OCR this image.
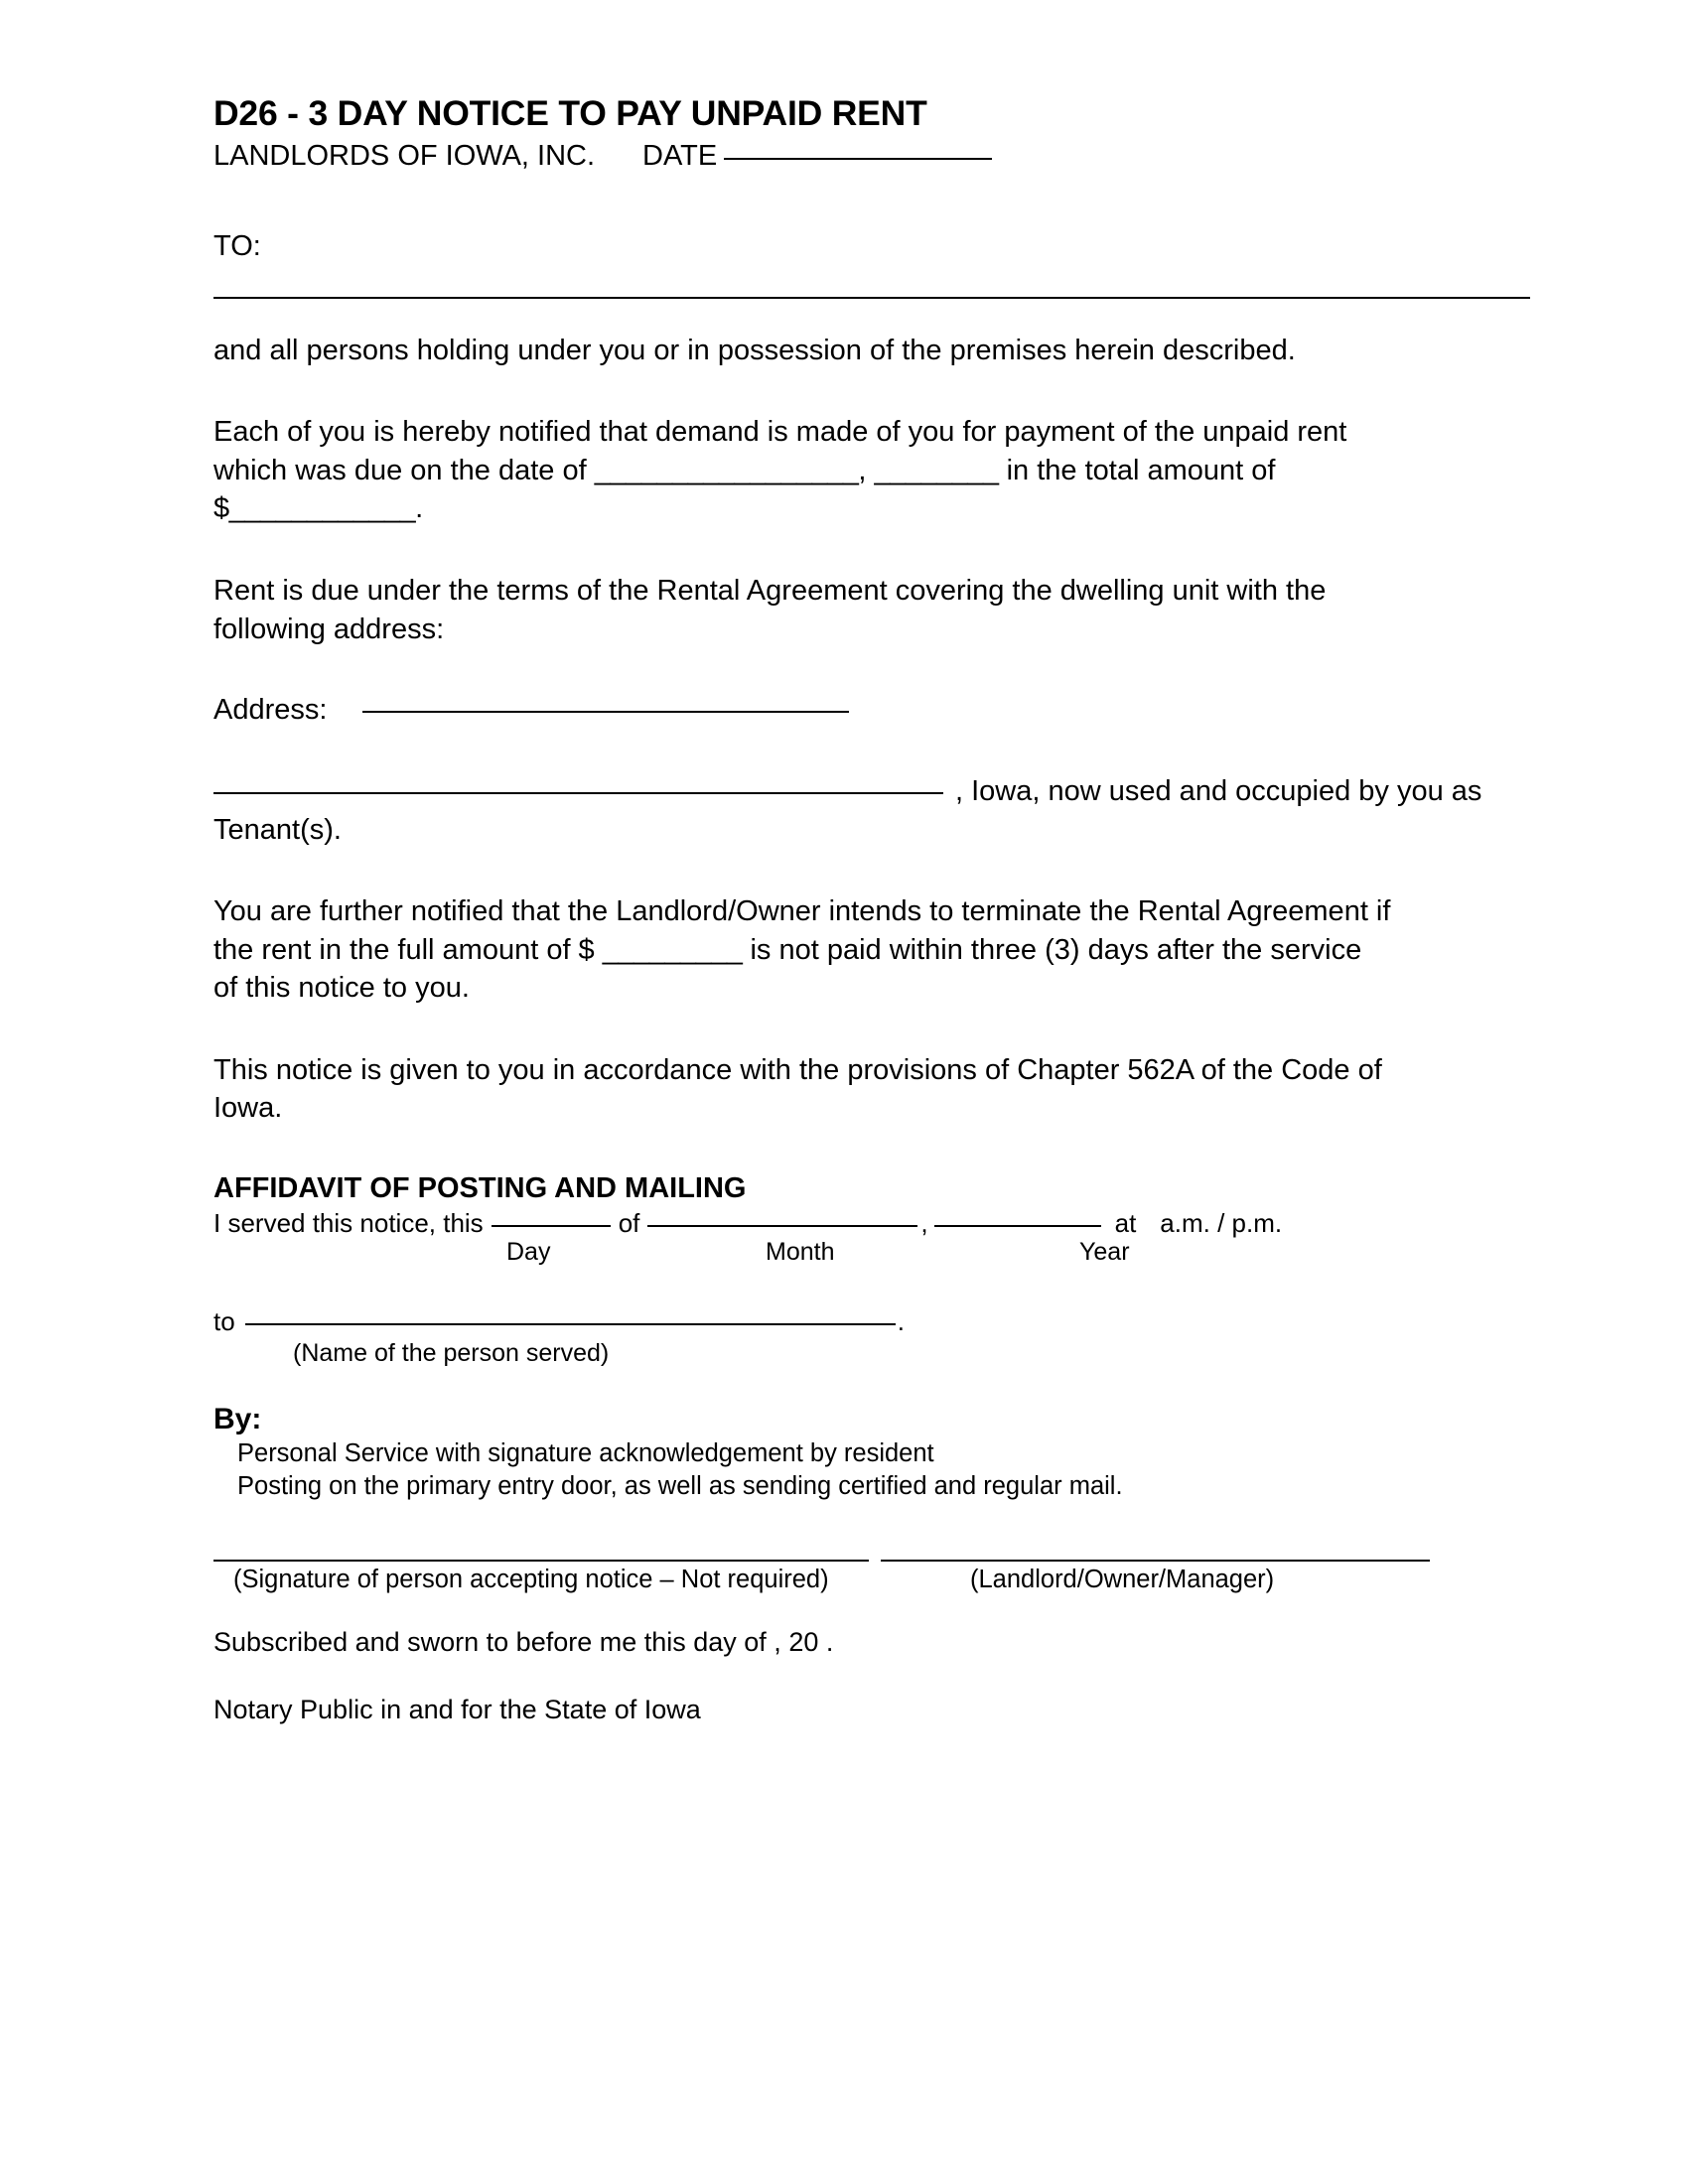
D26 - 3 DAY NOTICE TO PAY UNPAID RENT
LANDLORDS OF IOWA, INC. DATE
TO:

and all persons holding under you or in possession of the premises herein described.

Each of you is hereby notified that demand is made of you for payment of the unpaid rent

which was due on the date of _________________, ________ in the total amount of

$____________.

Rent is due under the terms of the Rental Agreement covering the dwelling unit with the

following address:

Address:
, Iowa, now used and occupied by you as

Tenant(s).

You are further notified that the Landlord/Owner intends to terminate the Rental Agreement if

the rent in the full amount of $ _________ is not paid within three (3) days after the service

of this notice to you.

This notice is given to you in accordance with the provisions of Chapter 562A of the Code of

Iowa.

AFFIDAVIT OF POSTING AND MAILING
I served this notice, this	of	,	at a.m. / p.m.
Day	Month	Year
to	.
(Name of the person served)
By:
Personal Service with signature acknowledgement by resident
Posting on the primary entry door, as well as sending certified and regular mail.
(Signature of person accepting notice – Not required)	(Landlord/Owner/Manager)
Subscribed and sworn to before me this day of , 20 .
Notary Public in and for the State of Iowa
